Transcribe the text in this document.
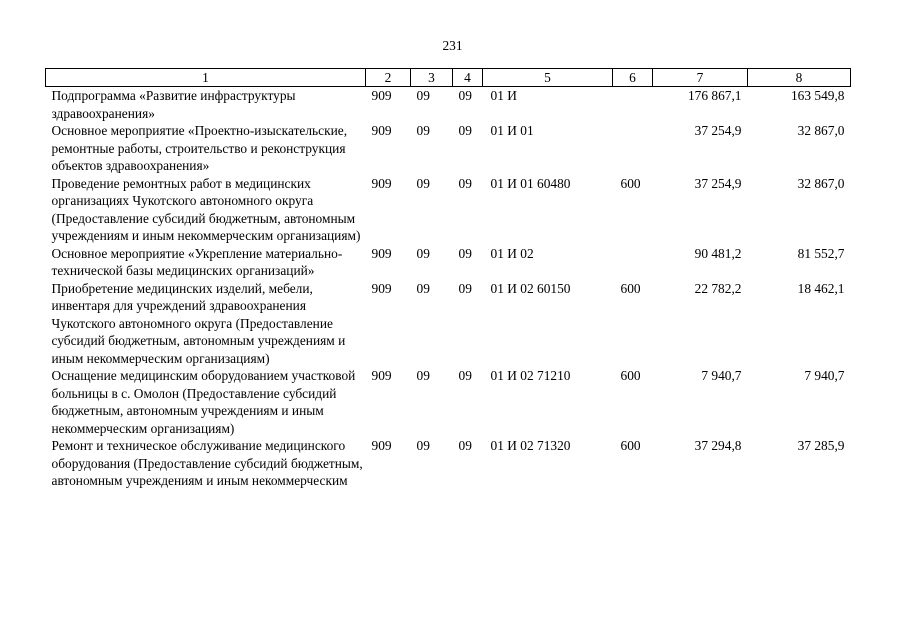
231
1	2	3	4	5	6	7	8
Подпрограмма «Развитие инфраструктуры здравоохранения»	909	09	09	01 И		176 867,1	163 549,8
Основное мероприятие «Проектно-изыскательские, ремонтные работы, строительство и реконструкция объектов здравоохранения»	909	09	09	01 И 01		37 254,9	32 867,0
Проведение ремонтных работ в медицинских организациях Чукотского автономного округа (Предоставление субсидий бюджетным, автономным учреждениям и иным некоммерческим организациям)	909	09	09	01 И 01 60480	600	37 254,9	32 867,0
Основное мероприятие «Укрепление материально-технической базы медицинских организаций»	909	09	09	01 И 02		90 481,2	81 552,7
Приобретение медицинских изделий, мебели, инвентаря для учреждений здравоохранения Чукотского автономного округа (Предоставление субсидий бюджетным, автономным учреждениям и иным некоммерческим организациям)	909	09	09	01 И 02 60150	600	22 782,2	18 462,1
Оснащение медицинским оборудованием участковой больницы в с. Омолон (Предоставление субсидий бюджетным, автономным учреждениям и иным некоммерческим организациям)	909	09	09	01 И 02 71210	600	7 940,7	7 940,7
Ремонт и техническое обслуживание медицинского оборудования (Предоставление субсидий бюджетным, автономным учреждениям и иным некоммерческим	909	09	09	01 И 02 71320	600	37 294,8	37 285,9
